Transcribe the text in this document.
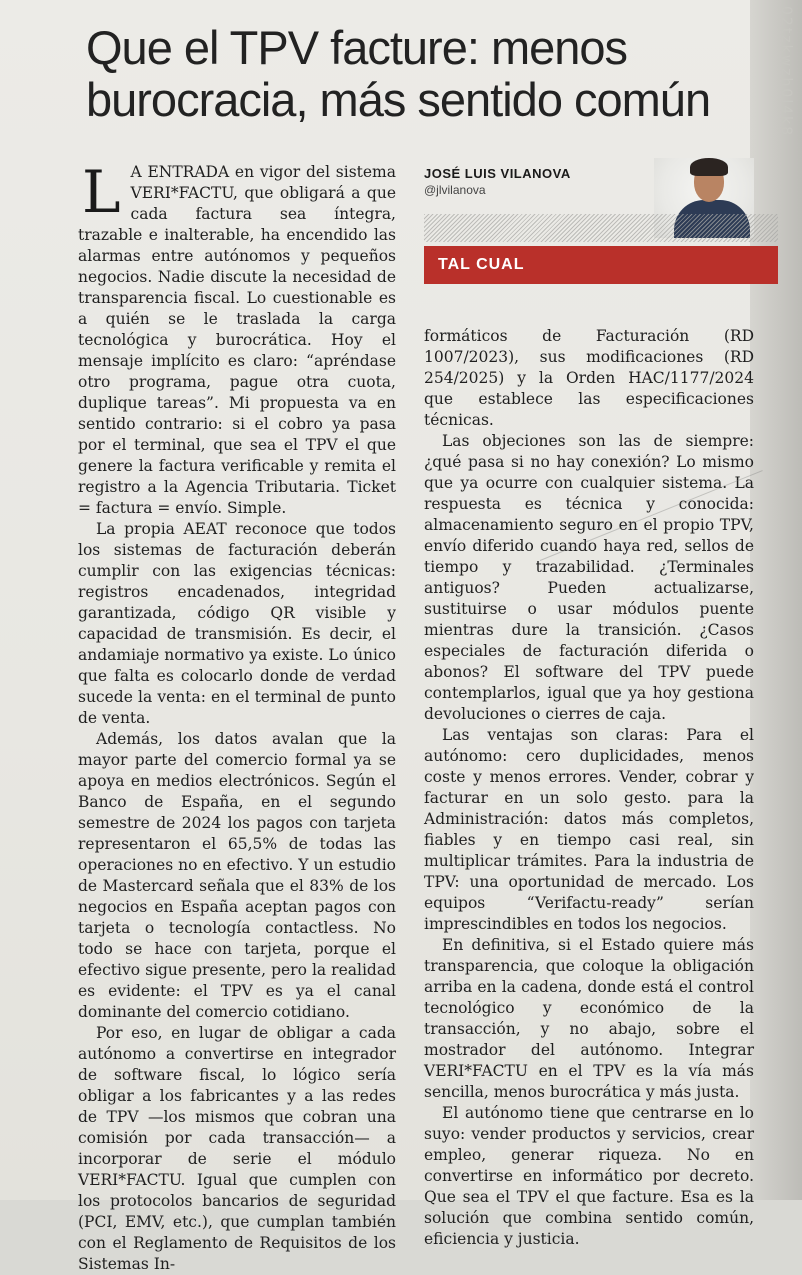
02tzkwzh0l4k8
Que el TPV facture: menos
burocracia, más sentido común

L A ENTRADA en vigor del sistema VERI*FACTU, que obligará a que cada factura sea íntegra, trazable e inalterable, ha encendido las alarmas entre autónomos y pequeños negocios. Nadie discute la necesidad de transparencia fiscal. Lo cuestionable es a quién se le traslada la carga tecnológica y burocrática. Hoy el mensaje implícito es claro: “apréndase otro programa, pague otra cuota, duplique tareas”. Mi propuesta va en sentido contrario: si el cobro ya pasa por el terminal, que sea el TPV el que genere la factura verificable y remita el registro a la Agencia Tributaria. Ticket = factura = envío. Simple.

La propia AEAT reconoce que todos los sistemas de facturación deberán cumplir con las exigencias técnicas: registros encadenados, integridad garantizada, código QR visible y capacidad de transmisión. Es decir, el andamiaje normativo ya existe. Lo único que falta es colocarlo donde de verdad sucede la venta: en el terminal de punto de venta.

Además, los datos avalan que la mayor parte del comercio formal ya se apoya en medios electrónicos. Según el Banco de España, en el segundo semestre de 2024 los pagos con tarjeta representaron el 65,5% de todas las operaciones no en efectivo. Y un estudio de Mastercard señala que el 83% de los negocios en España aceptan pagos con tarjeta o tecnología contactless. No todo se hace con tarjeta, porque el efectivo sigue presente, pero la realidad es evidente: el TPV es ya el canal dominante del comercio cotidiano.

Por eso, en lugar de obligar a cada autónomo a convertirse en integrador de software fiscal, lo lógico sería obligar a los fabricantes y a las redes de TPV —los mismos que cobran una comisión por cada transacción— a incorporar de serie el módulo VERI*FACTU. Igual que cumplen con los protocolos bancarios de seguridad (PCI, EMV, etc.), que cumplan también con el Reglamento de Requisitos de los Sistemas In-

JOSÉ LUIS VILANOVA
@jlvilanova
TAL CUAL

formáticos de Facturación (RD 1007/2023), sus modificaciones (RD 254/2025) y la Orden HAC/1177/2024 que establece las especificaciones técnicas.

Las objeciones son las de siempre: ¿qué pasa si no hay conexión? Lo mismo que ya ocurre con cualquier sistema. La respuesta es técnica y conocida: almacenamiento seguro en el propio TPV, envío diferido cuando haya red, sellos de tiempo y trazabilidad. ¿Terminales antiguos? Pueden actualizarse, sustituirse o usar módulos puente mientras dure la transición. ¿Casos especiales de facturación diferida o abonos? El software del TPV puede contemplarlos, igual que ya hoy gestiona devoluciones o cierres de caja.

Las ventajas son claras: Para el autónomo: cero duplicidades, menos coste y menos errores. Vender, cobrar y facturar en un solo gesto. para la Administración: datos más completos, fiables y en tiempo casi real, sin multiplicar trámites. Para la industria de TPV: una oportunidad de mercado. Los equipos “Verifactu-ready” serían imprescindibles en todos los negocios.

En definitiva, si el Estado quiere más transparencia, que coloque la obligación arriba en la cadena, donde está el control tecnológico y económico de la transacción, y no abajo, sobre el mostrador del autónomo. Integrar VERI*FACTU en el TPV es la vía más sencilla, menos burocrática y más justa.

El autónomo tiene que centrarse en lo suyo: vender productos y servicios, crear empleo, generar riqueza. No en convertirse en informático por decreto. Que sea el TPV el que facture. Esa es la solución que combina sentido común, eficiencia y justicia.
